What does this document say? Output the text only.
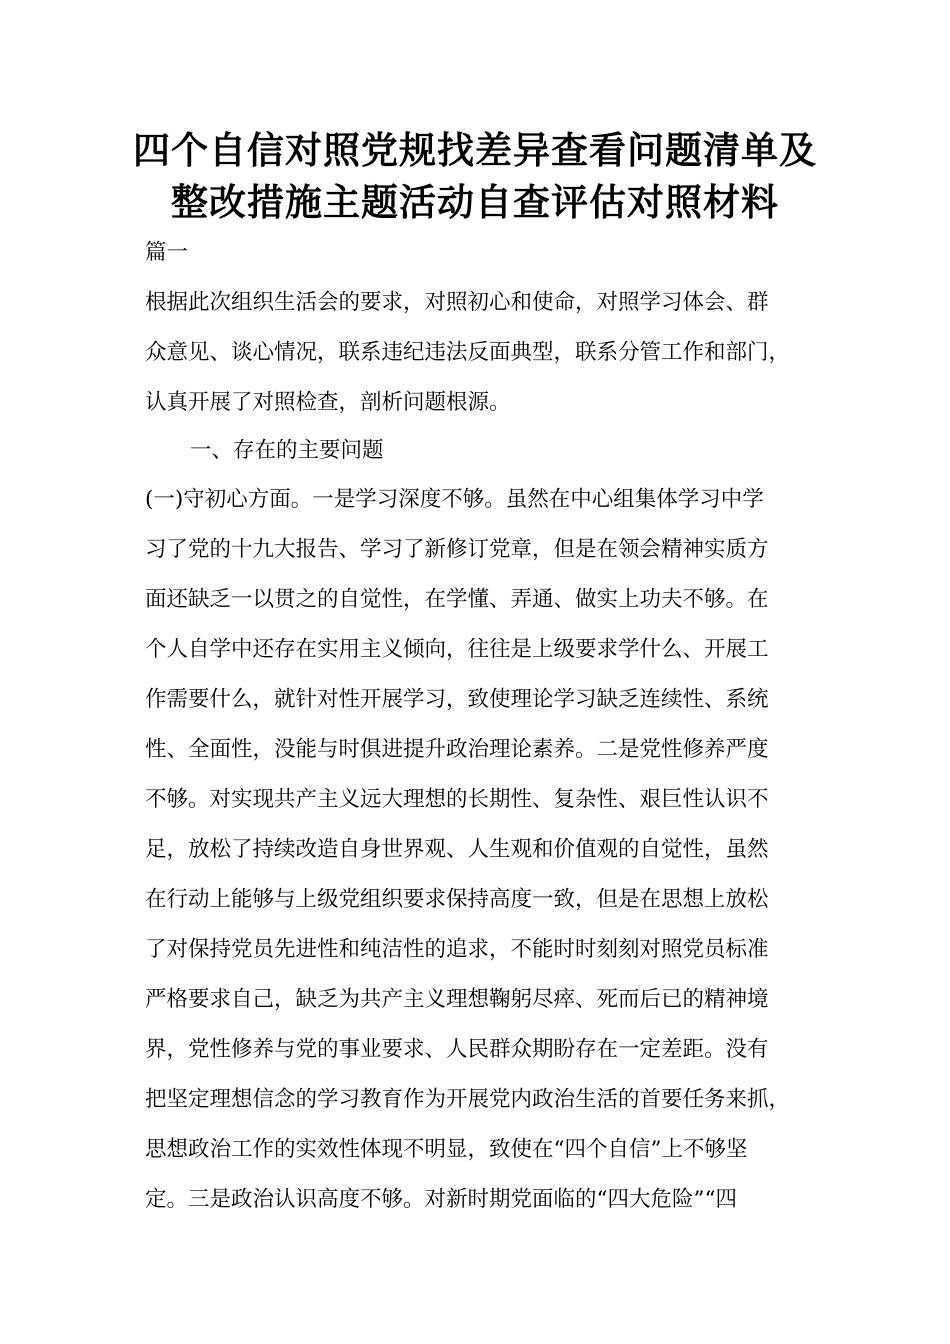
四个自信对照党规找差异查看问题清单及
整改措施主题活动自查评估对照材料

篇一

根据此次组织生活会的要求，对照初心和使命，对照学习体会、群

众意见、谈心情况，联系违纪违法反面典型，联系分管工作和部门，

认真开展了对照检查，剖析问题根源。

一、存在的主要问题

(一)守初心方面。一是学习深度不够。虽然在中心组集体学习中学

习了党的十九大报告、学习了新修订党章，但是在领会精神实质方

面还缺乏一以贯之的自觉性，在学懂、弄通、做实上功夫不够。在

个人自学中还存在实用主义倾向，往往是上级要求学什么、开展工

作需要什么，就针对性开展学习，致使理论学习缺乏连续性、系统

性、全面性，没能与时俱进提升政治理论素养。二是党性修养严度

不够。对实现共产主义远大理想的长期性、复杂性、艰巨性认识不

足，放松了持续改造自身世界观、人生观和价值观的自觉性，虽然

在行动上能够与上级党组织要求保持高度一致，但是在思想上放松

了对保持党员先进性和纯洁性的追求，不能时时刻刻对照党员标准

严格要求自己，缺乏为共产主义理想鞠躬尽瘁、死而后已的精神境

界，党性修养与党的事业要求、人民群众期盼存在一定差距。没有

把坚定理想信念的学习教育作为开展党内政治生活的首要任务来抓，

思想政治工作的实效性体现不明显，致使在“四个自信”上不够坚

定。三是政治认识高度不够。对新时期党面临的“四大危险”“四
